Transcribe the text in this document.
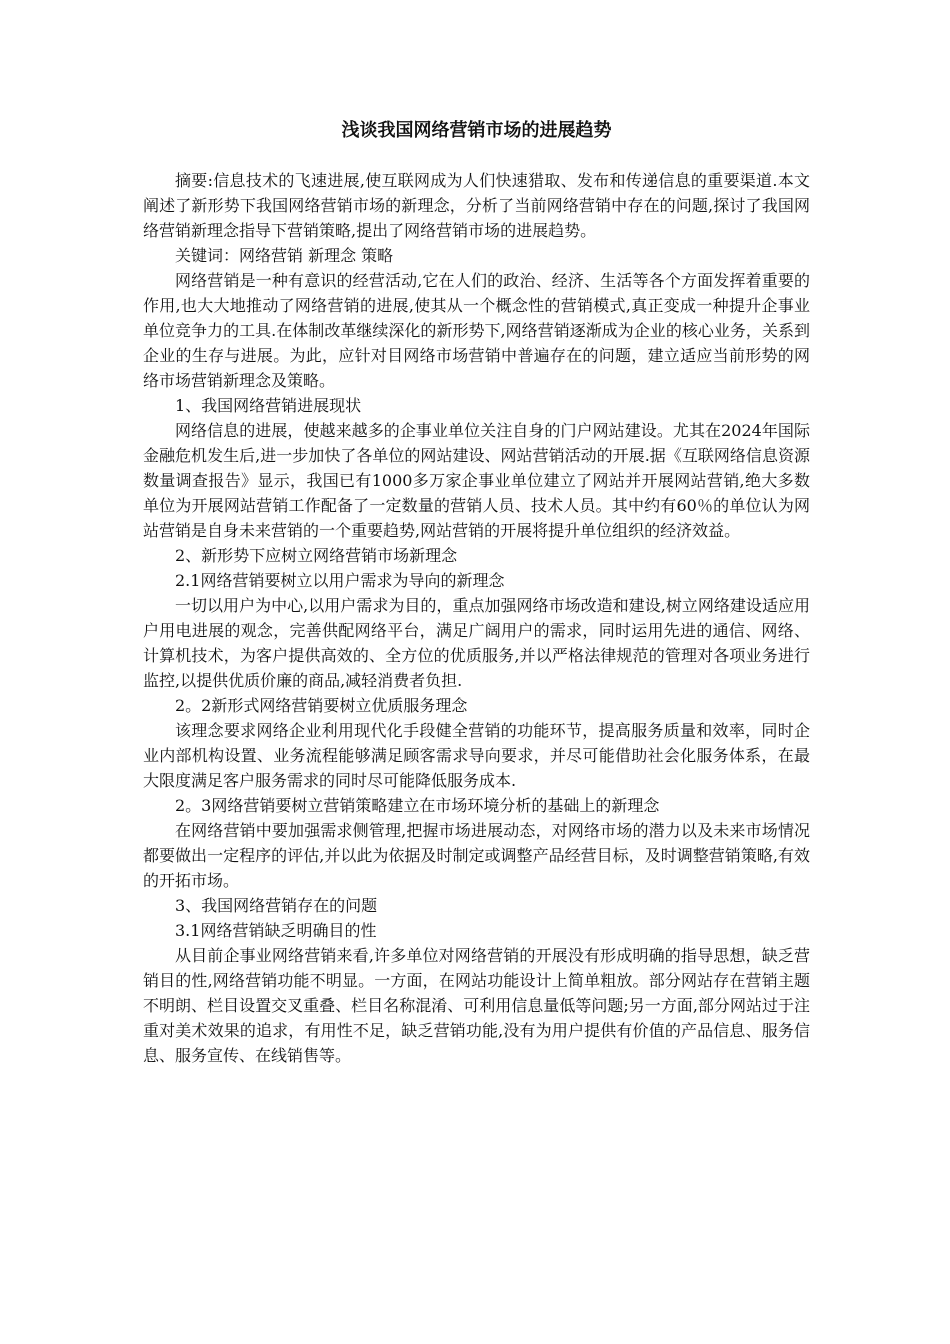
浅谈我国网络营销市场的进展趋势

摘要:信息技术的飞速进展,使互联网成为人们快速猎取、发布和传递信息的重要渠道.本文阐述了新形势下我国网络营销市场的新理念，分析了当前网络营销中存在的问题,探讨了我国网络营销新理念指导下营销策略,提出了网络营销市场的进展趋势。

关键词：网络营销 新理念 策略

网络营销是一种有意识的经营活动,它在人们的政治、经济、生活等各个方面发挥着重要的作用,也大大地推动了网络营销的进展,使其从一个概念性的营销模式,真正变成一种提升企事业单位竞争力的工具.在体制改革继续深化的新形势下,网络营销逐渐成为企业的核心业务，关系到企业的生存与进展。为此，应针对目网络市场营销中普遍存在的问题，建立适应当前形势的网络市场营销新理念及策略。

1、我国网络营销进展现状

网络信息的进展，使越来越多的企事业单位关注自身的门户网站建设。尤其在2024年国际金融危机发生后,进一步加快了各单位的网站建设、网站营销活动的开展.据《互联网络信息资源数量调查报告》显示，我国已有1000多万家企事业单位建立了网站并开展网站营销,绝大多数单位为开展网站营销工作配备了一定数量的营销人员、技术人员。其中约有60％的单位认为网站营销是自身未来营销的一个重要趋势,网站营销的开展将提升单位组织的经济效益。

2、新形势下应树立网络营销市场新理念

2.1网络营销要树立以用户需求为导向的新理念

一切以用户为中心,以用户需求为目的，重点加强网络市场改造和建设,树立网络建设适应用户用电进展的观念，完善供配网络平台，满足广阔用户的需求，同时运用先进的通信、网络、计算机技术，为客户提供高效的、全方位的优质服务,并以严格法律规范的管理对各项业务进行监控,以提供优质价廉的商品,减轻消费者负担.

2。2新形式网络营销要树立优质服务理念

该理念要求网络企业利用现代化手段健全营销的功能环节，提高服务质量和效率，同时企业内部机构设置、业务流程能够满足顾客需求导向要求，并尽可能借助社会化服务体系，在最大限度满足客户服务需求的同时尽可能降低服务成本.

2。3网络营销要树立营销策略建立在市场环境分析的基础上的新理念

在网络营销中要加强需求侧管理,把握市场进展动态，对网络市场的潜力以及未来市场情况都要做出一定程序的评估,并以此为依据及时制定或调整产品经营目标，及时调整营销策略,有效的开拓市场。

3、我国网络营销存在的问题

3.1网络营销缺乏明确目的性

从目前企事业网络营销来看,许多单位对网络营销的开展没有形成明确的指导思想，缺乏营销目的性,网络营销功能不明显。一方面，在网站功能设计上简单粗放。部分网站存在营销主题不明朗、栏目设置交叉重叠、栏目名称混淆、可利用信息量低等问题;另一方面,部分网站过于注重对美术效果的追求，有用性不足，缺乏营销功能,没有为用户提供有价值的产品信息、服务信息、服务宣传、在线销售等。
